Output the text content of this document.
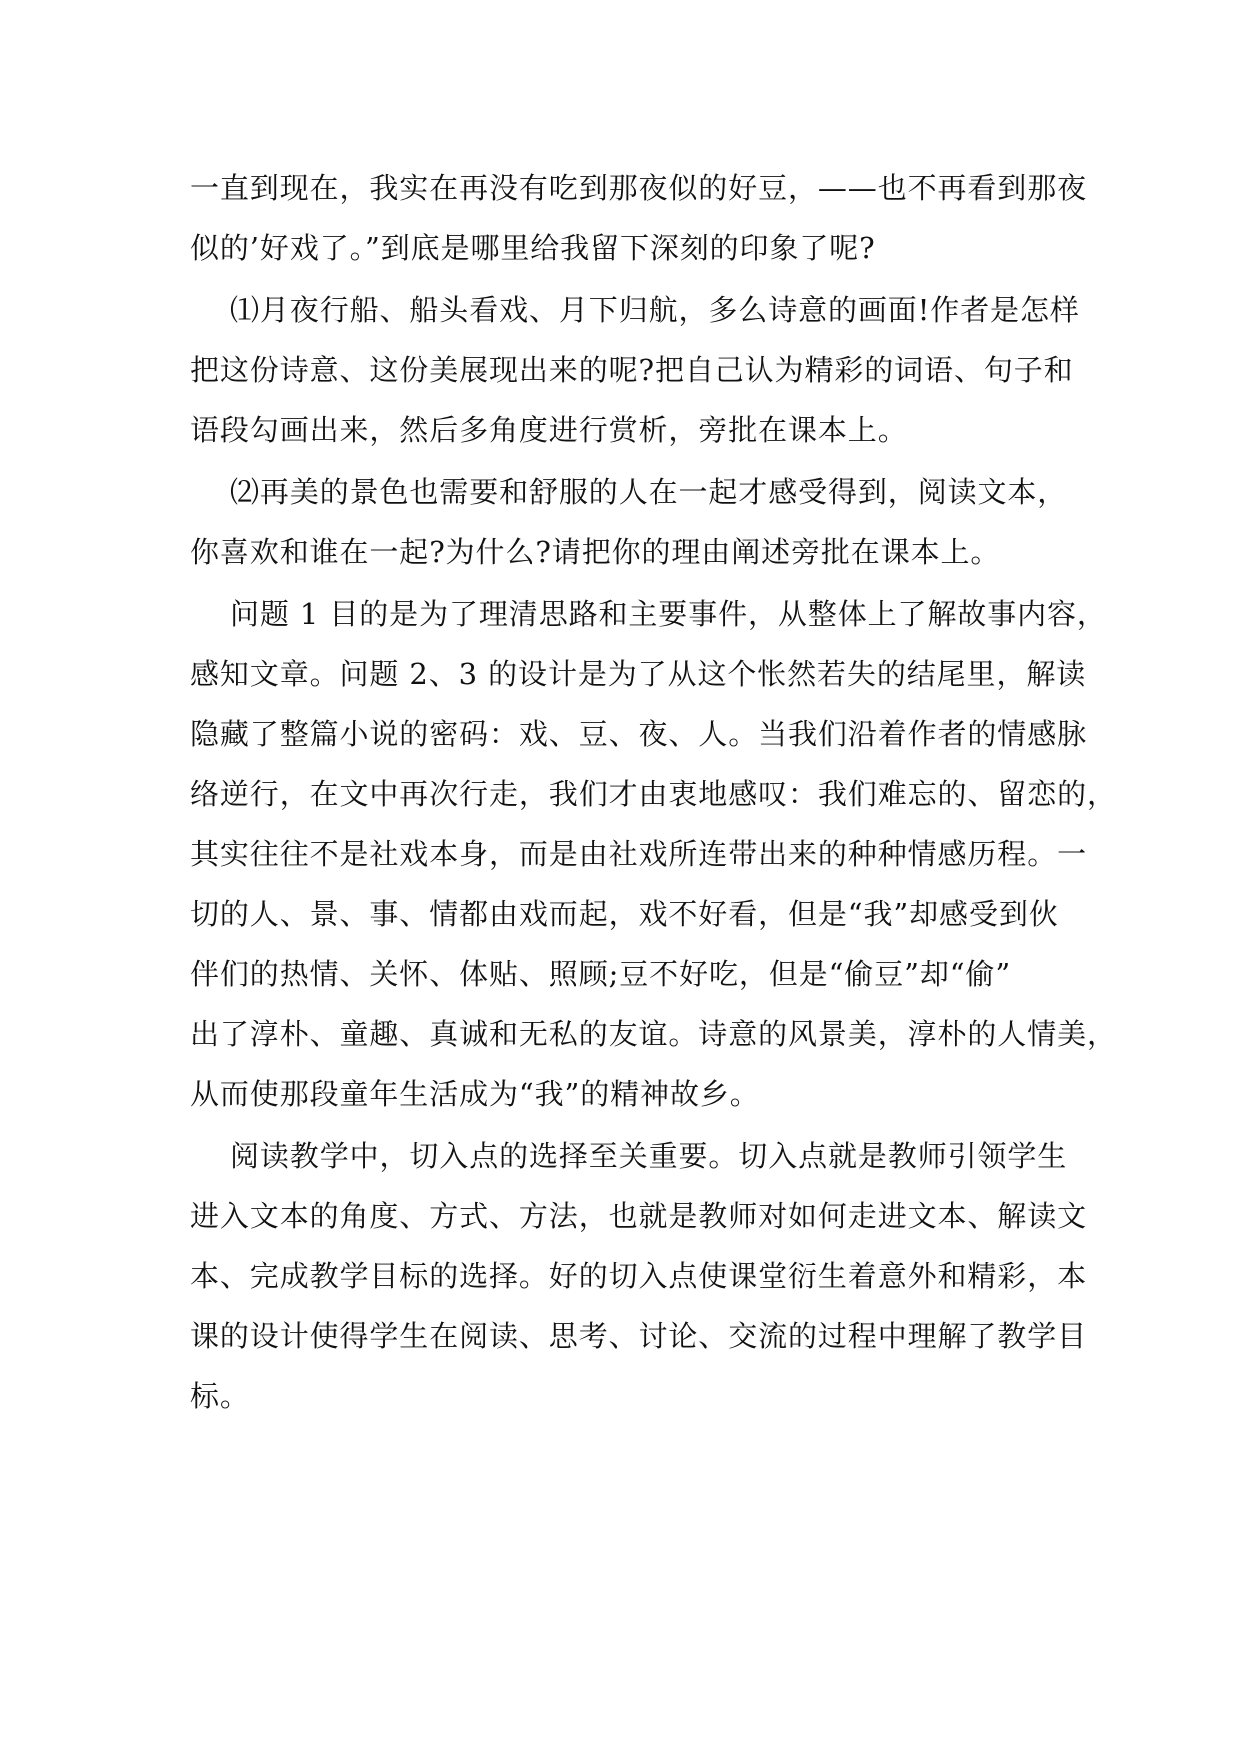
一直到现在，我实在再没有吃到那夜似的好豆，——也不再看到那夜
似的’好戏了。”到底是哪里给我留下深刻的印象了呢?
⑴月夜行船、船头看戏、月下归航，多么诗意的画面!作者是怎样
把这份诗意、这份美展现出来的呢?把自己认为精彩的词语、句子和
语段勾画出来，然后多角度进行赏析，旁批在课本上。
⑵再美的景色也需要和舒服的人在一起才感受得到，阅读文本，
你喜欢和谁在一起?为什么?请把你的理由阐述旁批在课本上。
问题 1 目的是为了理清思路和主要事件，从整体上了解故事内容，
感知文章。问题 2、3 的设计是为了从这个怅然若失的结尾里，解读
隐藏了整篇小说的密码：戏、豆、夜、人。当我们沿着作者的情感脉
络逆行，在文中再次行走，我们才由衷地感叹：我们难忘的、留恋的，
其实往往不是社戏本身，而是由社戏所连带出来的种种情感历程。一
切的人、景、事、情都由戏而起，戏不好看，但是“我”却感受到伙
伴们的热情、关怀、体贴、照顾;豆不好吃，但是“偷豆”却“偷”
出了淳朴、童趣、真诚和无私的友谊。诗意的风景美，淳朴的人情美，
从而使那段童年生活成为“我”的精神故乡。
阅读教学中，切入点的选择至关重要。切入点就是教师引领学生
进入文本的角度、方式、方法，也就是教师对如何走进文本、解读文
本、完成教学目标的选择。好的切入点使课堂衍生着意外和精彩，本
课的设计使得学生在阅读、思考、讨论、交流的过程中理解了教学目
标。
